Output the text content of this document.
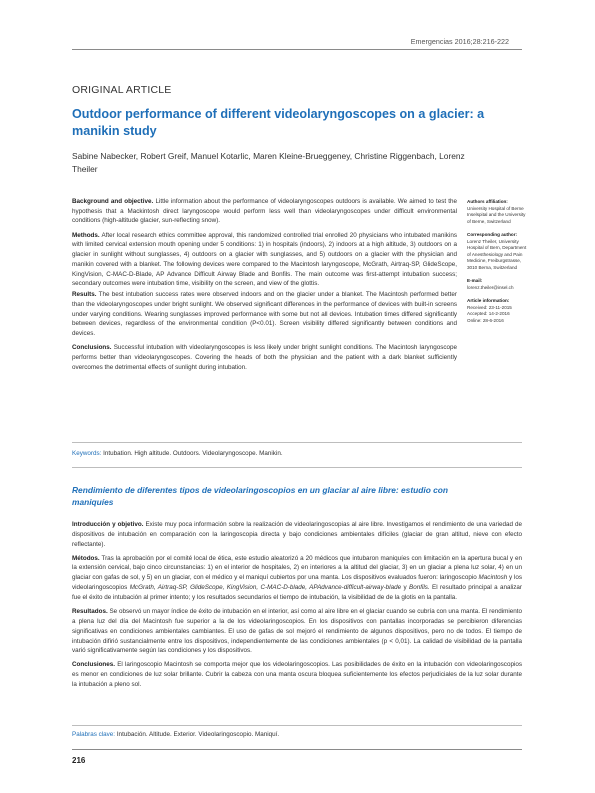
Emergencias 2016;28:216-222
ORIGINAL ARTICLE
Outdoor performance of different videolaryngoscopes on a glacier: a manikin study
Sabine Nabecker, Robert Greif, Manuel Kotarlic, Maren Kleine-Brueggeney, Christine Riggenbach, Lorenz Theiler

Background and objective. Little information about the performance of videolaryngoscopes outdoors is available. We aimed to test the hypothesis that a Mackintosh direct laryngoscope would perform less well than videolaryngoscopes under difficult environmental conditions (high-altitude glacier, sun-reflecting snow).

Methods. After local research ethics committee approval, this randomized controlled trial enrolled 20 physicians who intubated manikins with limited cervical extension mouth opening under 5 conditions: 1) in hospitals (indoors), 2) indoors at a high altitude, 3) outdoors on a glacier in sunlight without sunglasses, 4) outdoors on a glacier with sunglasses, and 5) outdoors on a glacier with the physician and manikin covered with a blanket. The following devices were compared to the Macintosh laryngoscope, McGrath, Airtraq-SP, GlideScope, KingVision, C-MAC-D-Blade, AP Advance Difficult Airway Blade and Bonfils. The main outcome was first-attempt intubation success; secondary outcomes were intubation time, visibility on the screen, and view of the glottis.

Results. The best intubation success rates were observed indoors and on the glacier under a blanket. The Macintosh performed better than the videolaryngoscopes under bright sunlight. We observed significant differences in the performance of devices with built-in screens under varying conditions. Wearing sunglasses improved performance with some but not all devices. Intubation times differed significantly between devices, regardless of the environmental condition (P<0.01). Screen visibility differed significantly between conditions and devices.

Conclusions. Successful intubation with videolaryngoscopes is less likely under bright sunlight conditions. The Macintosh laryngoscope performs better than videolaryngoscopes. Covering the heads of both the physician and the patient with a dark blanket sufficiently overcomes the detrimental effects of sunlight during intubation.

Authors affiliation:
University Hospital of Berne Inselspital and the University of Berne, Switzerland
Corresponding author:
Lorenz Theiler, University Hospital of Bern, Department of Anesthesiology and Pain Medicine, Freiburgstrasse, 3010 Berna, Switzerland
E-mail:
lorenz.theiler@insel.ch
Article information:
Received: 23-11-2015
Accepted: 14-2-2016
Online: 28-6-2016
Keywords: Intubation. High altitude. Outdoors. Videolaryngoscope. Manikin.
Rendimiento de diferentes tipos de videolaringoscopios en un glaciar al aire libre: estudio con maniquíes

Introducción y objetivo. Existe muy poca información sobre la realización de videolaringoscopias al aire libre. Investigamos el rendimiento de una variedad de dispositivos de intubación en comparación con la laringoscopia directa y bajo condiciones ambientales difíciles (glaciar de gran altitud, nieve con efecto reflectante).

Métodos. Tras la aprobación por el comité local de ética, este estudio aleatorizó a 20 médicos que intubaron maniquíes con limitación en la apertura bucal y en la extensión cervical, bajo cinco circunstancias: 1) en el interior de hospitales, 2) en interiores a la altitud del glaciar, 3) en un glaciar a plena luz solar, 4) en un glaciar con gafas de sol, y 5) en un glaciar, con el médico y el maniquí cubiertos por una manta. Los dispositivos evaluados fueron: laringoscopio Macintosh y los videolaringoscopios McGrath, Airtraq-SP, GlideScope, KingVision, C-MAC-D-blade, APAdvance-difficult-airway-blade y Bonfils. El resultado principal a analizar fue el éxito de intubación al primer intento; y los resultados secundarios el tiempo de intubación, la visibilidad de de la glotis en la pantalla.

Resultados. Se observó un mayor índice de éxito de intubación en el interior, así como al aire libre en el glaciar cuando se cubría con una manta. El rendimiento a plena luz del día del Macintosh fue superior a la de los videolaringoscopios. En los dispositivos con pantallas incorporadas se percibieron diferencias significativas en condiciones ambientales cambiantes. El uso de gafas de sol mejoró el rendimiento de algunos dispositivos, pero no de todos. El tiempo de intubación difirió sustancialmente entre los dispositivos, independientemente de las condiciones ambientales (p < 0,01). La calidad de visibilidad de la pantalla varió significativamente según las condiciones y los dispositivos.

Conclusiones. El laringoscopio Macintosh se comporta mejor que los videolaringoscopios. Las posibilidades de éxito en la intubación con videolaringoscopios es menor en condiciones de luz solar brillante. Cubrir la cabeza con una manta oscura bloquea suficientemente los efectos perjudiciales de la luz solar durante la intubación a pleno sol.

Palabras clave: Intubación. Altitude. Exterior. Videolaringoscopio. Maniquí.
216
